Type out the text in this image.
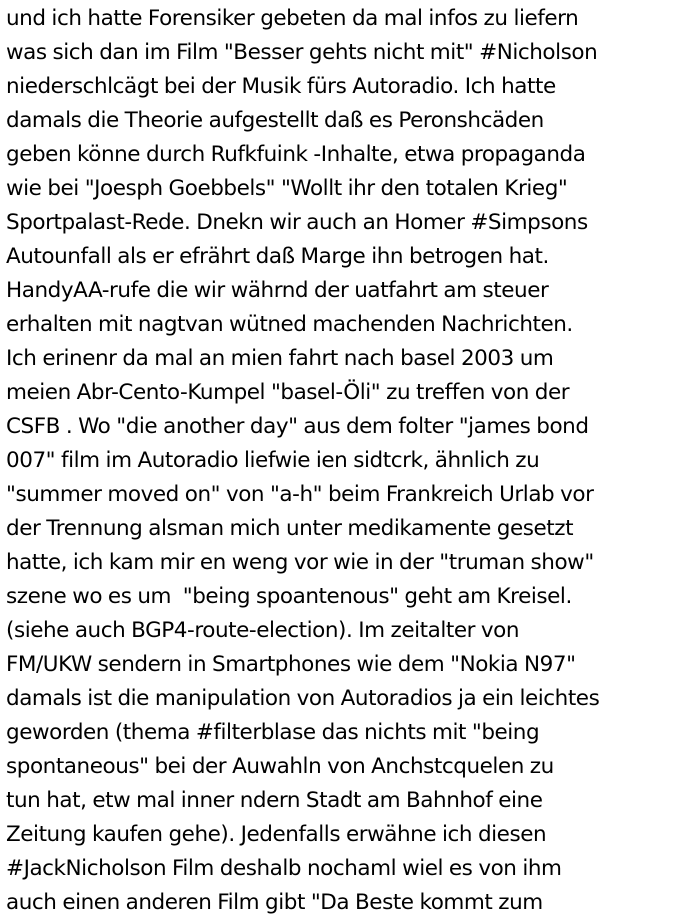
und ich hatte Forensiker gebeten da mal infos zu liefern
was sich dan im Film "Besser gehts nicht mit" #Nicholson
niederschlcägt bei der Musik fürs Autoradio. Ich hatte
damals die Theorie aufgestellt daß es Peronshcäden
geben könne durch Rufkfuink -Inhalte, etwa propaganda
wie bei "Joesph Goebbels" "Wollt ihr den totalen Krieg"
Sportpalast-Rede. Dnekn wir auch an Homer #Simpsons
Autounfall als er efrährt daß Marge ihn betrogen hat.
HandyAA-rufe die wir währnd der uatfahrt am steuer
erhalten mit nagtvan wütned machenden Nachrichten.
Ich erinenr da mal an mien fahrt nach basel 2003 um
meien Abr-Cento-Kumpel "basel-Öli" zu treffen von der
CSFB . Wo "die another day" aus dem folter "james bond
007" film im Autoradio liefwie ien sidtcrk, ähnlich zu
"summer moved on" von "a-h" beim Frankreich Urlab vor
der Trennung alsman mich unter medikamente gesetzt
hatte, ich kam mir en weng vor wie in der "truman show"
szene wo es um  "being spoantenous" geht am Kreisel.
(siehe auch BGP4-route-election). Im zeitalter von
FM/UKW sendern in Smartphones wie dem "Nokia N97"
damals ist die manipulation von Autoradios ja ein leichtes
geworden (thema #filterblase das nichts mit "being
spontaneous" bei der Auwahln von Anchstcquelen zu
tun hat, etw mal inner ndern Stadt am Bahnhof eine
Zeitung kaufen gehe). Jedenfalls erwähne ich diesen
#JackNicholson Film deshalb nochaml wiel es von ihm
auch einen anderen Film gibt "Da Beste kommt zum
